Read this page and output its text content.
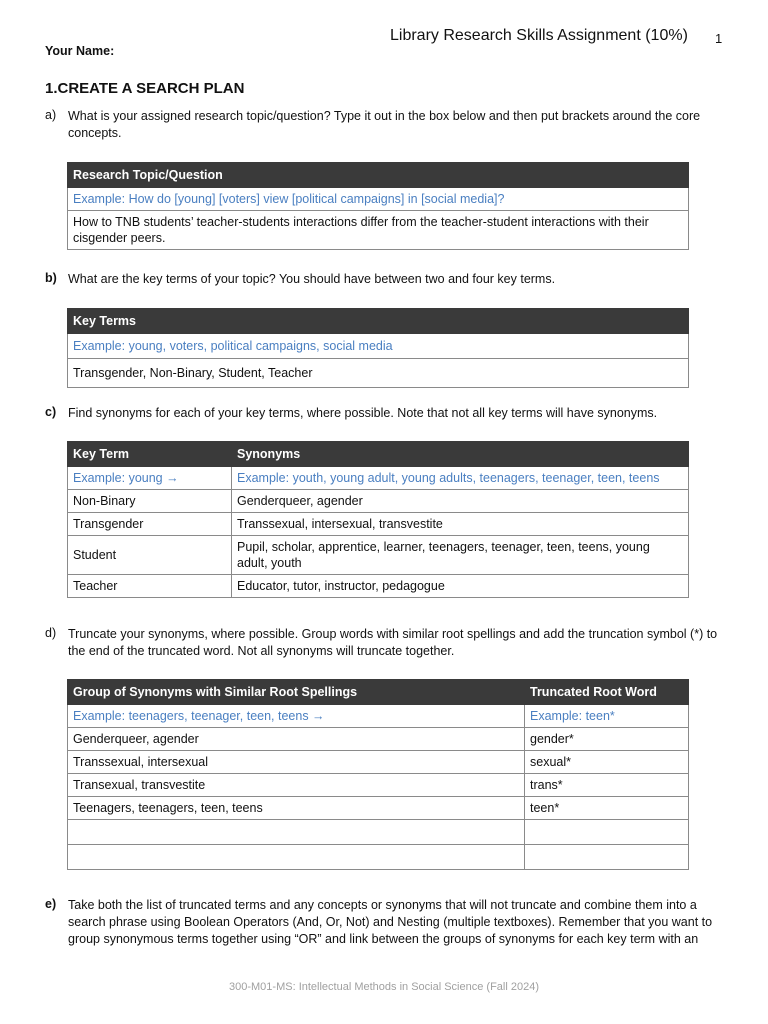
Library Research Skills Assignment (10%) 1
Your Name:
1.CREATE A SEARCH PLAN
a) What is your assigned research topic/question? Type it out in the box below and then put brackets around the core concepts.
Research Topic/Question
Example: How do [young] [voters] view [political campaigns] in [social media]?
How to TNB students’ teacher-students interactions differ from the teacher-student interactions with their cisgender peers.
b) What are the key terms of your topic? You should have between two and four key terms.
Key Terms
Example: young, voters, political campaigns, social media
Transgender, Non-Binary, Student, Teacher
c) Find synonyms for each of your key terms, where possible. Note that not all key terms will have synonyms.
Key Term	Synonyms
Example: young →	Example: youth, young adult, young adults, teenagers, teenager, teen, teens
Non-Binary	Genderqueer, agender
Transgender	Transsexual, intersexual, transvestite
Student	Pupil, scholar, apprentice, learner, teenagers, teenager, teen, teens, young adult, youth
Teacher	Educator, tutor, instructor, pedagogue
d) Truncate your synonyms, where possible. Group words with similar root spellings and add the truncation symbol (*) to the end of the truncated word. Not all synonyms will truncate together.
Group of Synonyms with Similar Root Spellings	Truncated Root Word
Example: teenagers, teenager, teen, teens →	Example: teen*
Genderqueer, agender	gender*
Transsexual, intersexual	sexual*
Transexual, transvestite	trans*
Teenagers, teenagers, teen, teens	teen*

e) Take both the list of truncated terms and any concepts or synonyms that will not truncate and combine them into a search phrase using Boolean Operators (And, Or, Not) and Nesting (multiple textboxes). Remember that you want to group synonymous terms together using “OR” and link between the groups of synonyms for each key term with an
300-M01-MS: Intellectual Methods in Social Science (Fall 2024)
